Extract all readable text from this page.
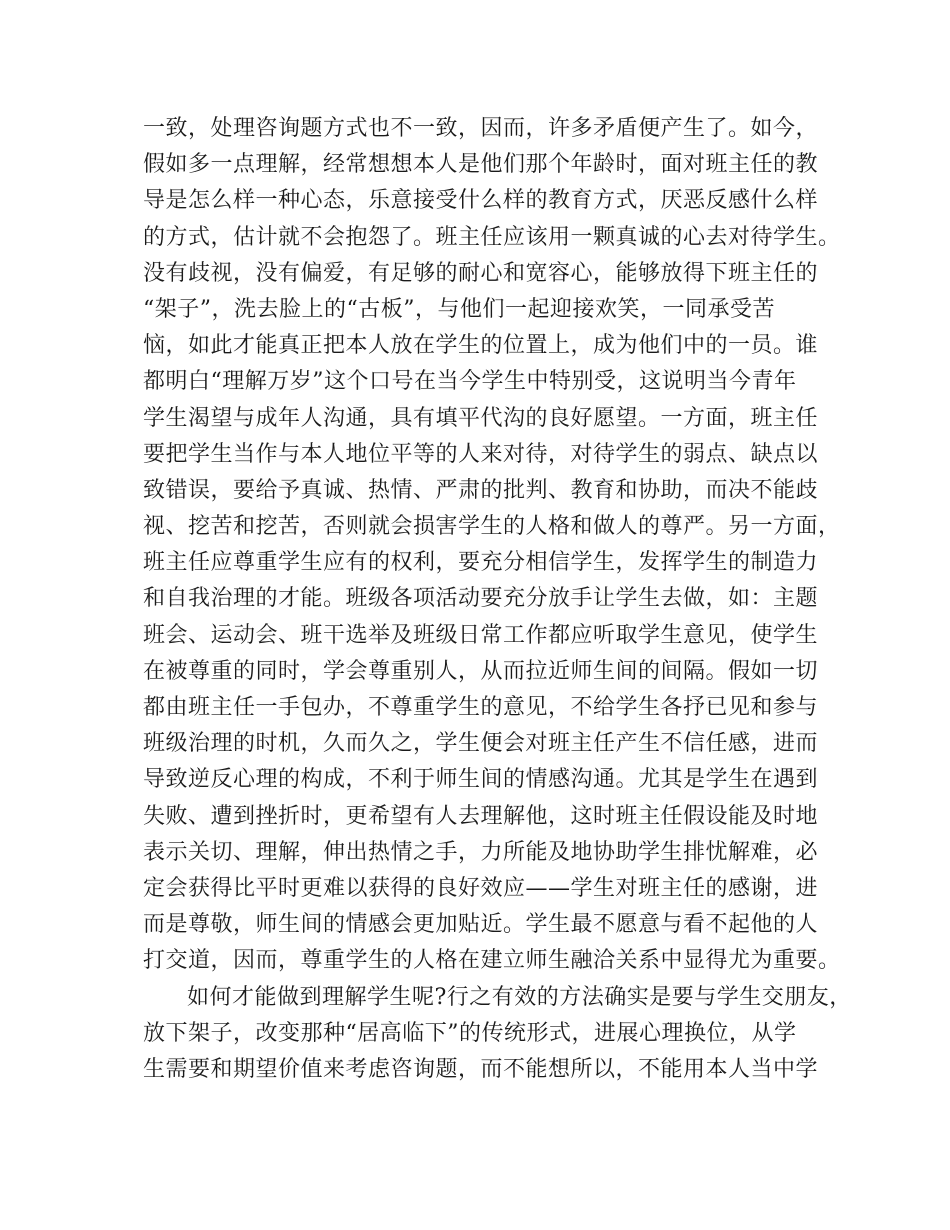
一致，处理咨询题方式也不一致，因而，许多矛盾便产生了。如今，
假如多一点理解，经常想想本人是他们那个年龄时，面对班主任的教
导是怎么样一种心态，乐意接受什么样的教育方式，厌恶反感什么样
的方式，估计就不会抱怨了。班主任应该用一颗真诚的心去对待学生。
没有歧视，没有偏爱，有足够的耐心和宽容心，能够放得下班主任的
“架子”，洗去脸上的“古板”，与他们一起迎接欢笑，一同承受苦
恼，如此才能真正把本人放在学生的位置上，成为他们中的一员。谁
都明白“理解万岁”这个口号在当今学生中特别受，这说明当今青年
学生渴望与成年人沟通，具有填平代沟的良好愿望。一方面，班主任
要把学生当作与本人地位平等的人来对待，对待学生的弱点、缺点以
致错误，要给予真诚、热情、严肃的批判、教育和协助，而决不能歧
视、挖苦和挖苦，否则就会损害学生的人格和做人的尊严。另一方面，
班主任应尊重学生应有的权利，要充分相信学生，发挥学生的制造力
和自我治理的才能。班级各项活动要充分放手让学生去做，如：主题
班会、运动会、班干选举及班级日常工作都应听取学生意见，使学生
在被尊重的同时，学会尊重别人，从而拉近师生间的间隔。假如一切
都由班主任一手包办，不尊重学生的意见，不给学生各抒已见和参与
班级治理的时机，久而久之，学生便会对班主任产生不信任感，进而
导致逆反心理的构成，不利于师生间的情感沟通。尤其是学生在遇到
失败、遭到挫折时，更希望有人去理解他，这时班主任假设能及时地
表示关切、理解，伸出热情之手，力所能及地协助学生排忧解难，必
定会获得比平时更难以获得的良好效应——学生对班主任的感谢，进
而是尊敬，师生间的情感会更加贴近。学生最不愿意与看不起他的人
打交道，因而，尊重学生的人格在建立师生融洽关系中显得尤为重要。
如何才能做到理解学生呢?行之有效的方法确实是要与学生交朋友，
放下架子，改变那种“居高临下”的传统形式，进展心理换位，从学
生需要和期望价值来考虑咨询题，而不能想所以，不能用本人当中学
